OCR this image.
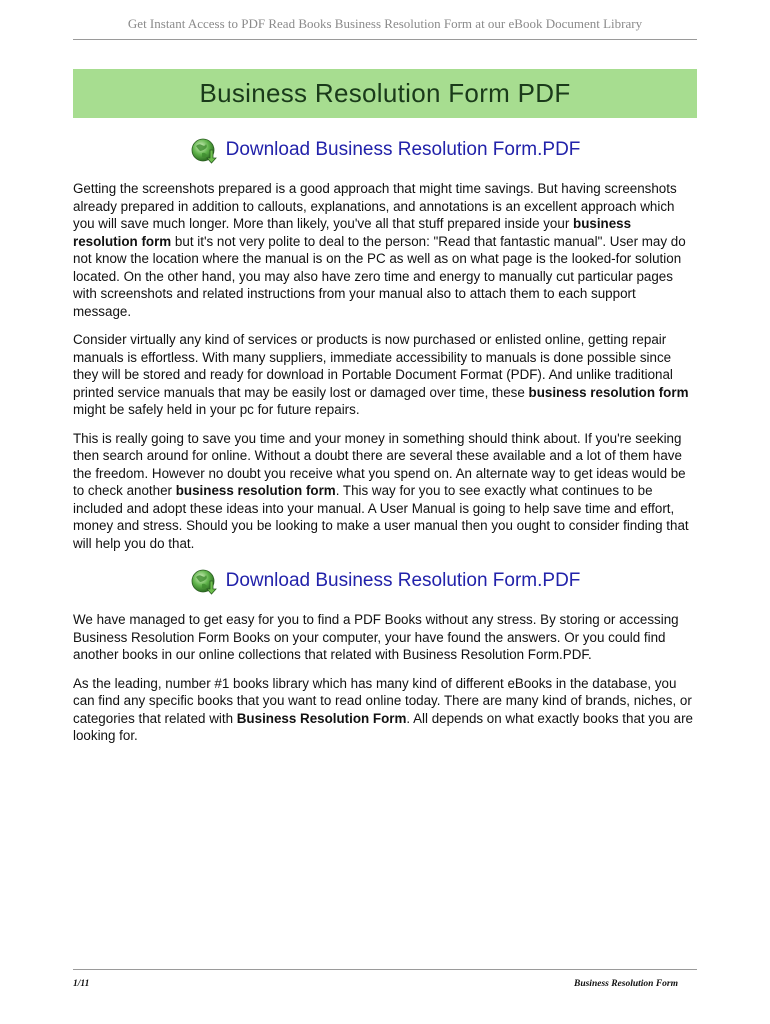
Get Instant Access to PDF Read Books Business Resolution Form at our eBook Document Library
Business Resolution Form PDF
Download Business Resolution Form.PDF

Getting the screenshots prepared is a good approach that might time savings. But having screenshots already prepared in addition to callouts, explanations, and annotations is an excellent approach which you will save much longer. More than likely, you've all that stuff prepared inside your business resolution form but it's not very polite to deal to the person: "Read that fantastic manual". User may do not know the location where the manual is on the PC as well as on what page is the looked-for solution located. On the other hand, you may also have zero time and energy to manually cut particular pages with screenshots and related instructions from your manual also to attach them to each support message.

Consider virtually any kind of services or products is now purchased or enlisted online, getting repair manuals is effortless. With many suppliers, immediate accessibility to manuals is done possible since they will be stored and ready for download in Portable Document Format (PDF). And unlike traditional printed service manuals that may be easily lost or damaged over time, these business resolution form might be safely held in your pc for future repairs.

This is really going to save you time and your money in something should think about. If you're seeking then search around for online. Without a doubt there are several these available and a lot of them have the freedom. However no doubt you receive what you spend on. An alternate way to get ideas would be to check another business resolution form. This way for you to see exactly what continues to be included and adopt these ideas into your manual. A User Manual is going to help save time and effort, money and stress. Should you be looking to make a user manual then you ought to consider finding that will help you do that.

Download Business Resolution Form.PDF

We have managed to get easy for you to find a PDF Books without any stress. By storing or accessing Business Resolution Form Books on your computer, your have found the answers. Or you could find another books in our online collections that related with Business Resolution Form.PDF.

As the leading, number #1 books library which has many kind of different eBooks in the database, you can find any specific books that you want to read online today. There are many kind of brands, niches, or categories that related with Business Resolution Form. All depends on what exactly books that you are looking for.

1/11	Business Resolution Form
